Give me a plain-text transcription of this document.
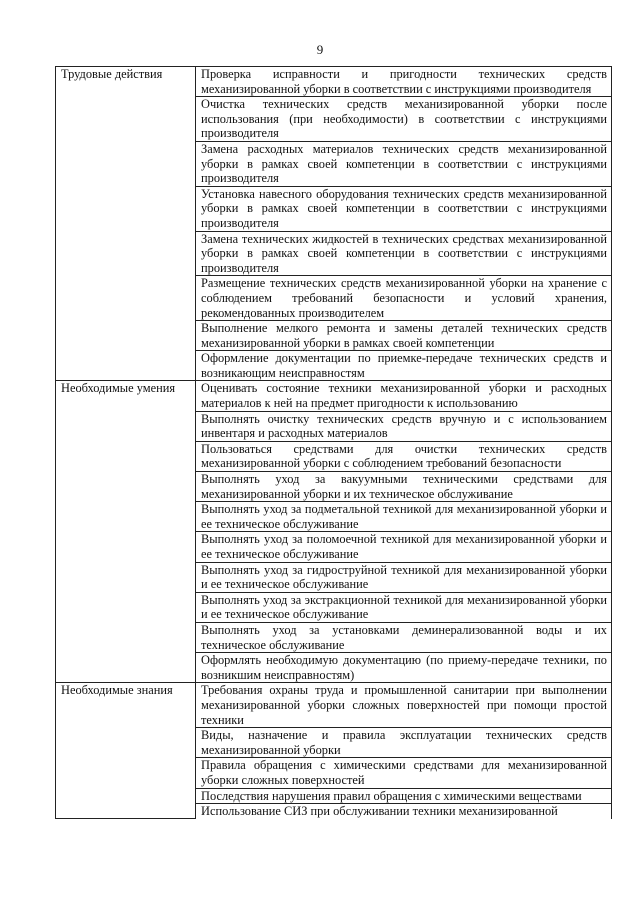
9
Трудовые действия	Проверка исправности и пригодности технических средств механизированной уборки в соответствии с инструкциями производителя

	Очистка технических средств механизированной уборки после использования (при необходимости) в соответствии с инструкциями производителя

	Замена расходных материалов технических средств механизированной уборки в рамках своей компетенции в соответствии с инструкциями производителя

	Установка навесного оборудования технических средств механизированной уборки в рамках своей компетенции в соответствии с инструкциями производителя

	Замена технических жидкостей в технических средствах механизированной уборки в рамках своей компетенции в соответствии с инструкциями производителя

	Размещение технических средств механизированной уборки на хранение с соблюдением требований безопасности и условий хранения, рекомендованных производителем

	Выполнение мелкого ремонта и замены деталей технических средств механизированной уборки в рамках своей компетенции

	Оформление документации по приемке-передаче технических средств и возникающим неисправностям

Необходимые умения	Оценивать состояние техники механизированной уборки и расходных материалов к ней на предмет пригодности к использованию

	Выполнять очистку технических средств вручную и с использованием инвентаря и расходных материалов

	Пользоваться средствами для очистки технических средств механизированной уборки с соблюдением требований безопасности

	Выполнять уход за вакуумными техническими средствами для механизированной уборки и их техническое обслуживание

	Выполнять уход за подметальной техникой для механизированной уборки и ее техническое обслуживание

	Выполнять уход за поломоечной техникой для механизированной уборки и ее техническое обслуживание

	Выполнять уход за гидроструйной техникой для механизированной уборки и ее техническое обслуживание

	Выполнять уход за экстракционной техникой для механизированной уборки и ее техническое обслуживание

	Выполнять уход за установками деминерализованной воды и их техническое обслуживание

	Оформлять необходимую документацию (по приему-передаче техники, по возникшим неисправностям)

Необходимые знания	Требования охраны труда и промышленной санитарии при выполнении механизированной уборки сложных поверхностей при помощи простой техники

	Виды, назначение и правила эксплуатации технических средств механизированной уборки

	Правила обращения с химическими средствами для механизированной уборки сложных поверхностей

	Последствия нарушения правил обращения с химическими веществами

	Использование СИЗ при обслуживании техники механизированной
